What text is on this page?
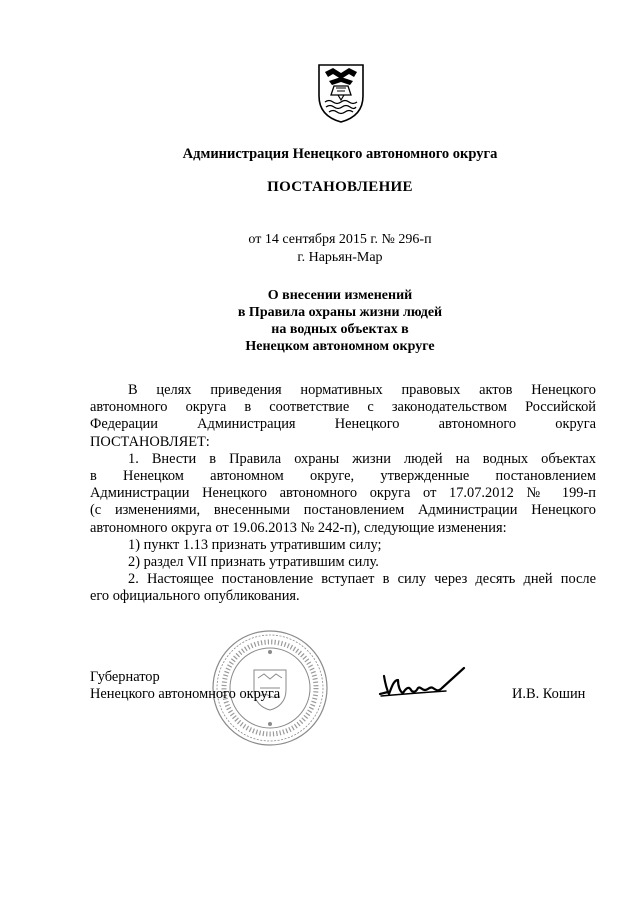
Администрация Ненецкого автономного округа
ПОСТАНОВЛЕНИЕ
от 14 сентября 2015 г. № 296-п
г. Нарьян-Мар
О внесении изменений
в Правила охраны жизни людей
на водных объектах в
Ненецком автономном округе
В целях приведения нормативных правовых актов Ненецкого
автономного округа в соответствие с законодательством Российской
Федерации Администрация Ненецкого автономного округа
ПОСТАНОВЛЯЕТ:
1. Внести в Правила охраны жизни людей на водных объектах
в Ненецком автономном округе, утвержденные постановлением
Администрации Ненецкого автономного округа от 17.07.2012 № 199-п
(с изменениями, внесенными постановлением Администрации Ненецкого
автономного округа от 19.06.2013 № 242-п), следующие изменения:
1) пункт 1.13 признать утратившим силу;
2) раздел VII признать утратившим силу.
2. Настоящее постановление вступает в силу через десять дней после
его официального опубликования.
Губернатор
Ненецкого автономного округа	И.В. Кошин
